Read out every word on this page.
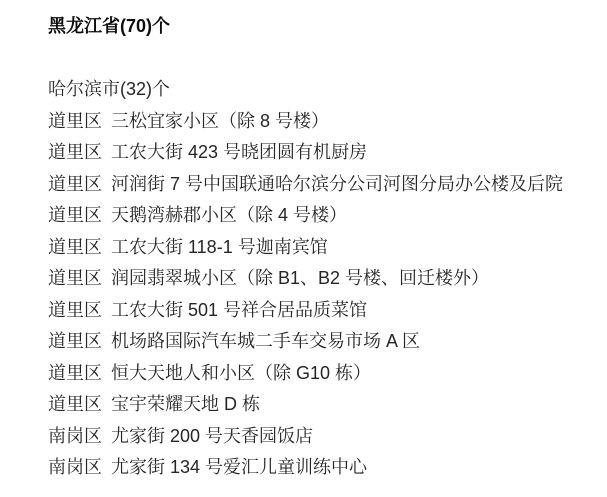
黑龙江省(70)个
哈尔滨市(32)个
道里区 三松宜家小区（除 8 号楼）
道里区 工农大街 423 号晓团圆有机厨房
道里区 河润街 7 号中国联通哈尔滨分公司河图分局办公楼及后院
道里区 天鹅湾赫郡小区（除 4 号楼）
道里区 工农大街 118-1 号迦南宾馆
道里区 润园翡翠城小区（除 B1、B2 号楼、回迁楼外）
道里区 工农大街 501 号祥合居品质菜馆
道里区 机场路国际汽车城二手车交易市场 A 区
道里区 恒大天地人和小区（除 G10 栋）
道里区 宝宇荣耀天地 D 栋
南岗区 尤家街 200 号天香园饭店
南岗区 尤家街 134 号爱汇儿童训练中心
